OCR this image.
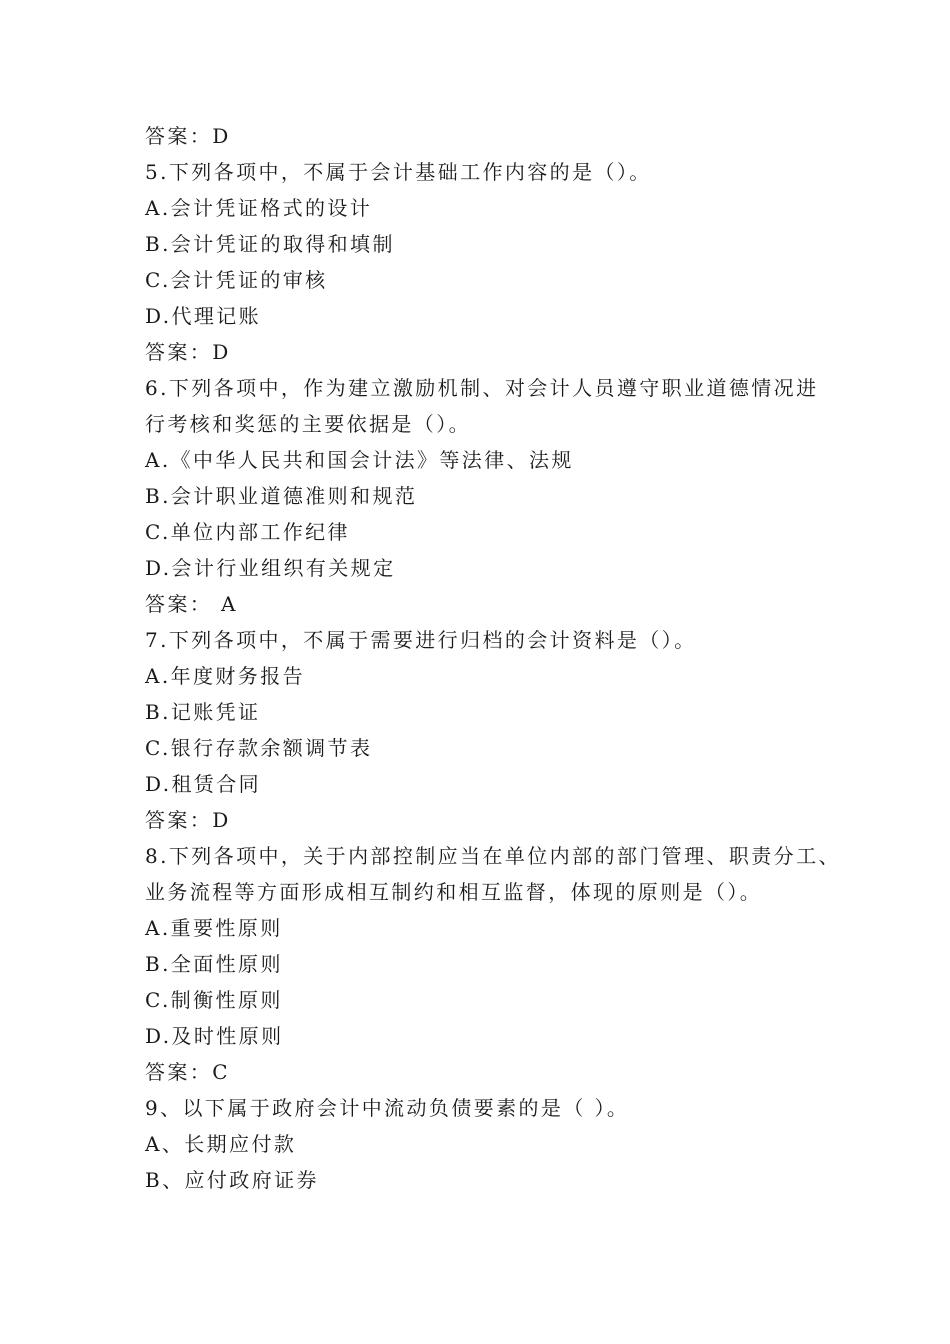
答案：D
5.下列各项中，不属于会计基础工作内容的是（）。
A.会计凭证格式的设计
B.会计凭证的取得和填制
C.会计凭证的审核
D.代理记账
答案：D
6.下列各项中，作为建立激励机制、对会计人员遵守职业道德情况进
行考核和奖惩的主要依据是（）。
A.《中华人民共和国会计法》等法律、法规
B.会计职业道德准则和规范
C.单位内部工作纪律
D.会计行业组织有关规定
答案： A
7.下列各项中，不属于需要进行归档的会计资料是（）。
A.年度财务报告
B.记账凭证
C.银行存款余额调节表
D.租赁合同
答案：D
8.下列各项中，关于内部控制应当在单位内部的部门管理、职责分工、
业务流程等方面形成相互制约和相互监督，体现的原则是（）。
A.重要性原则
B.全面性原则
C.制衡性原则
D.及时性原则
答案：C
9、以下属于政府会计中流动负债要素的是（ ）。
A、长期应付款
B、应付政府证券
